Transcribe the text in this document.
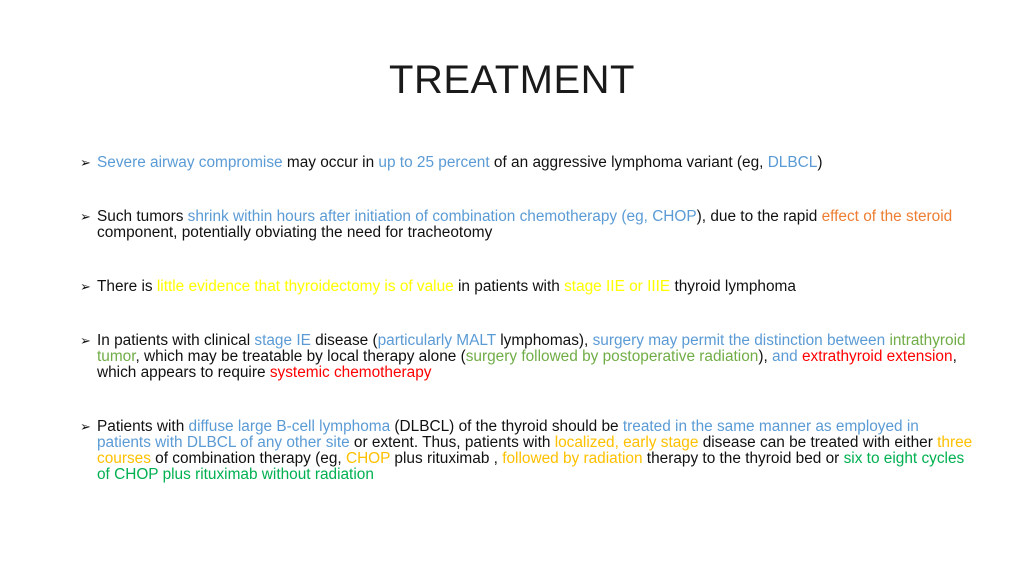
TREATMENT
➢ Severe airway compromise may occur in up to 25 percent of an aggressive lymphoma variant (eg, DLBCL)
➢ Such tumors shrink within hours after initiation of combination chemotherapy (eg, CHOP), due to the rapid effect of the steroid component, potentially obviating the need for tracheotomy
➢ There is little evidence that thyroidectomy is of value in patients with stage IIE or IIIE thyroid lymphoma
➢ In patients with clinical stage IE disease (particularly MALT lymphomas), surgery may permit the distinction between intrathyroid tumor, which may be treatable by local therapy alone (surgery followed by postoperative radiation), and extrathyroid extension, which appears to require systemic chemotherapy
➢ Patients with diffuse large B-cell lymphoma (DLBCL) of the thyroid should be treated in the same manner as employed in patients with DLBCL of any other site or extent. Thus, patients with localized, early stage disease can be treated with either three courses of combination therapy (eg, CHOP plus rituximab , followed by radiation therapy to the thyroid bed or six to eight cycles of CHOP plus rituximab without radiation
